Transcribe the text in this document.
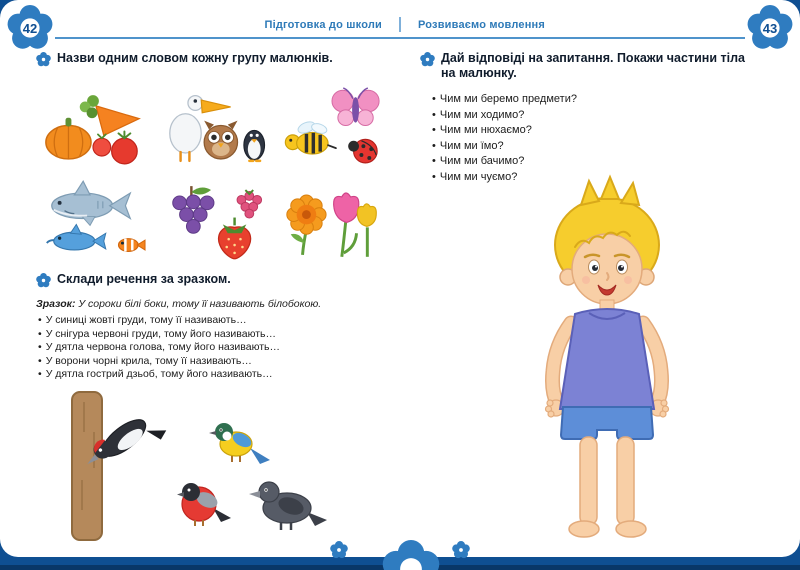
Підготовка до школи	Розвиваємо мовлення
42	43
Назви одним словом кожну групу малюнків.
Склади речення за зразком.
Зразок: У сороки білі боки, тому її називають білобокою.
• У синиці жовті груди, тому її називають…
• У снігура червоні груди, тому його називають…
• У дятла червона голова, тому його називають…
• У ворони чорні крила, тому її називають…
• У дятла гострий дзьоб, тому його називають…
Дай відповіді на запитання. Покажи частини тіла на малюнку.
• Чим ми беремо предмети?
• Чим ми ходимо?
• Чим ми нюхаємо?
• Чим ми їмо?
• Чим ми бачимо?
• Чим ми чуємо?
